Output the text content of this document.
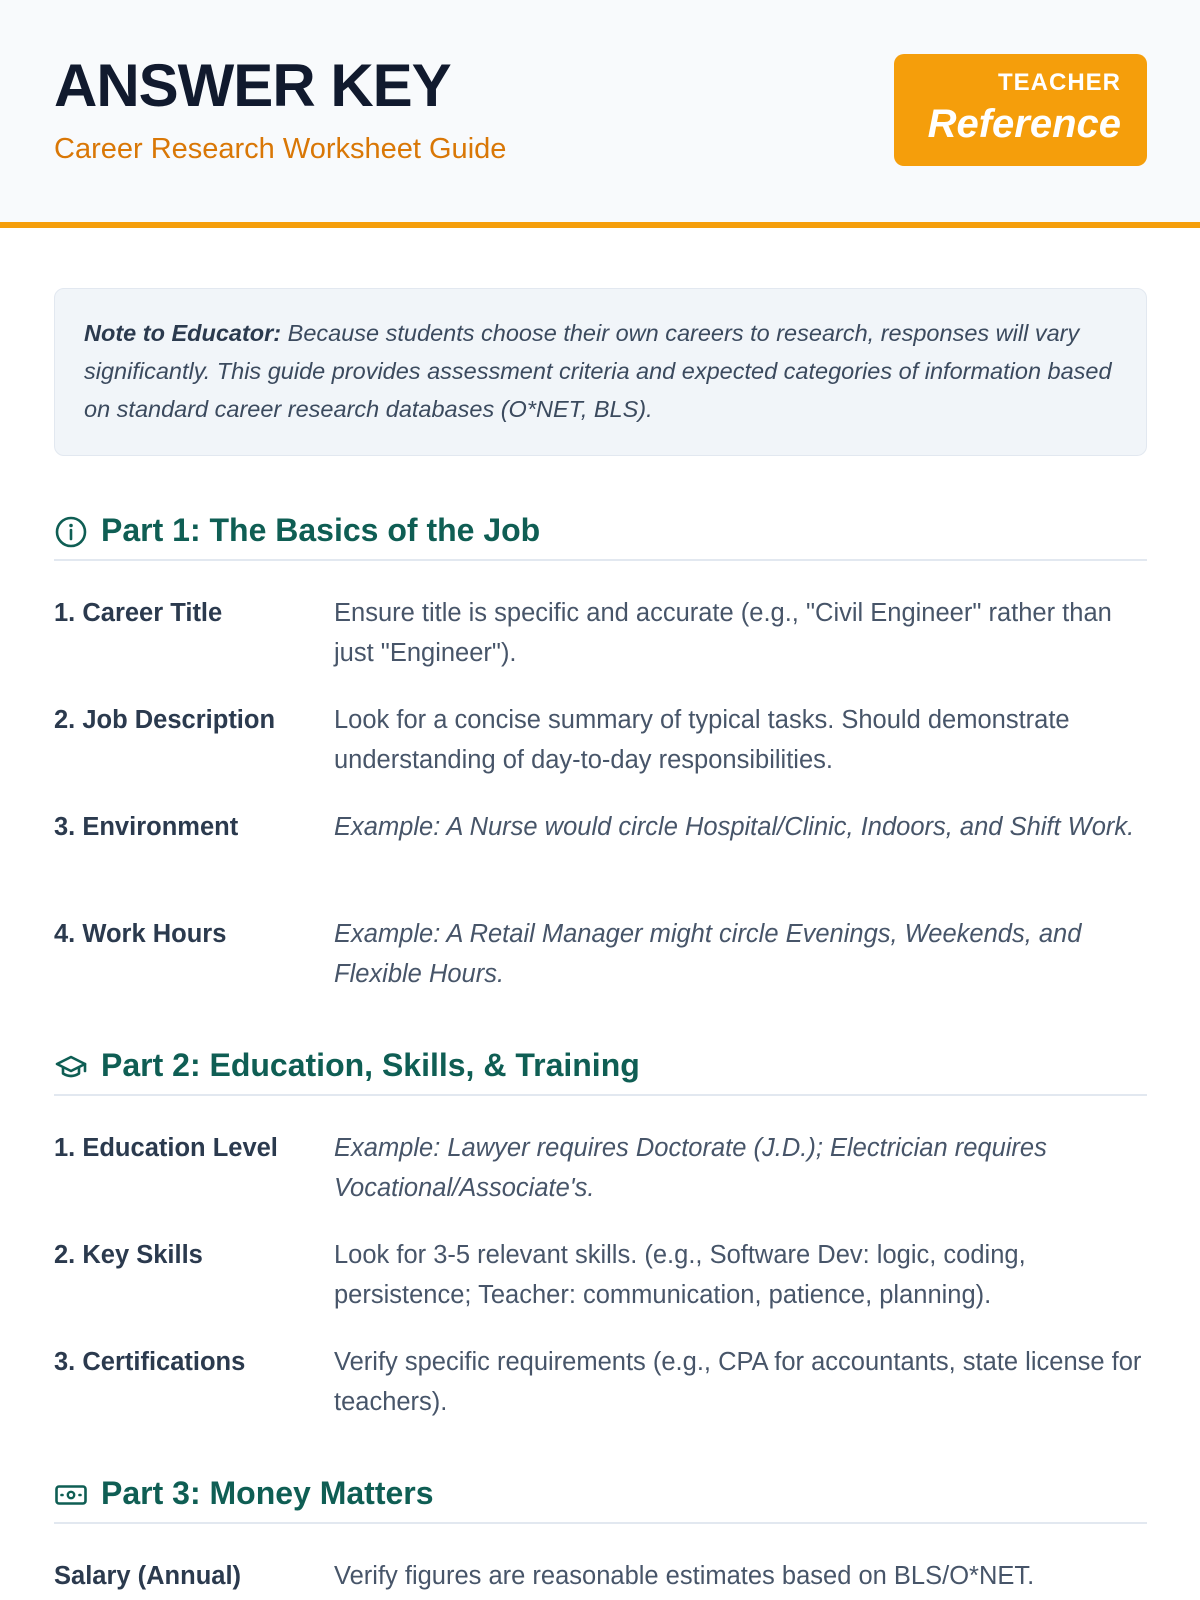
ANSWER KEY
Career Research Worksheet Guide
TEACHER
Reference
Note to Educator: Because students choose their own careers to research, responses will vary significantly. This guide provides assessment criteria and expected categories of information based on standard career research databases (O*NET, BLS).
Part 1: The Basics of the Job
1. Career Title	Ensure title is specific and accurate (e.g., "Civil Engineer" rather than just "Engineer").
2. Job Description	Look for a concise summary of typical tasks. Should demonstrate understanding of day-to-day responsibilities.
3. Environment	Example: A Nurse would circle Hospital/Clinic, Indoors, and Shift Work.
4. Work Hours	Example: A Retail Manager might circle Evenings, Weekends, and Flexible Hours.
Part 2: Education, Skills, & Training
1. Education Level	Example: Lawyer requires Doctorate (J.D.); Electrician requires Vocational/Associate's.
2. Key Skills	Look for 3-5 relevant skills. (e.g., Software Dev: logic, coding, persistence; Teacher: communication, patience, planning).
3. Certifications	Verify specific requirements (e.g., CPA for accountants, state license for teachers).
Part 3: Money Matters
Salary (Annual)	Verify figures are reasonable estimates based on BLS/O*NET.
